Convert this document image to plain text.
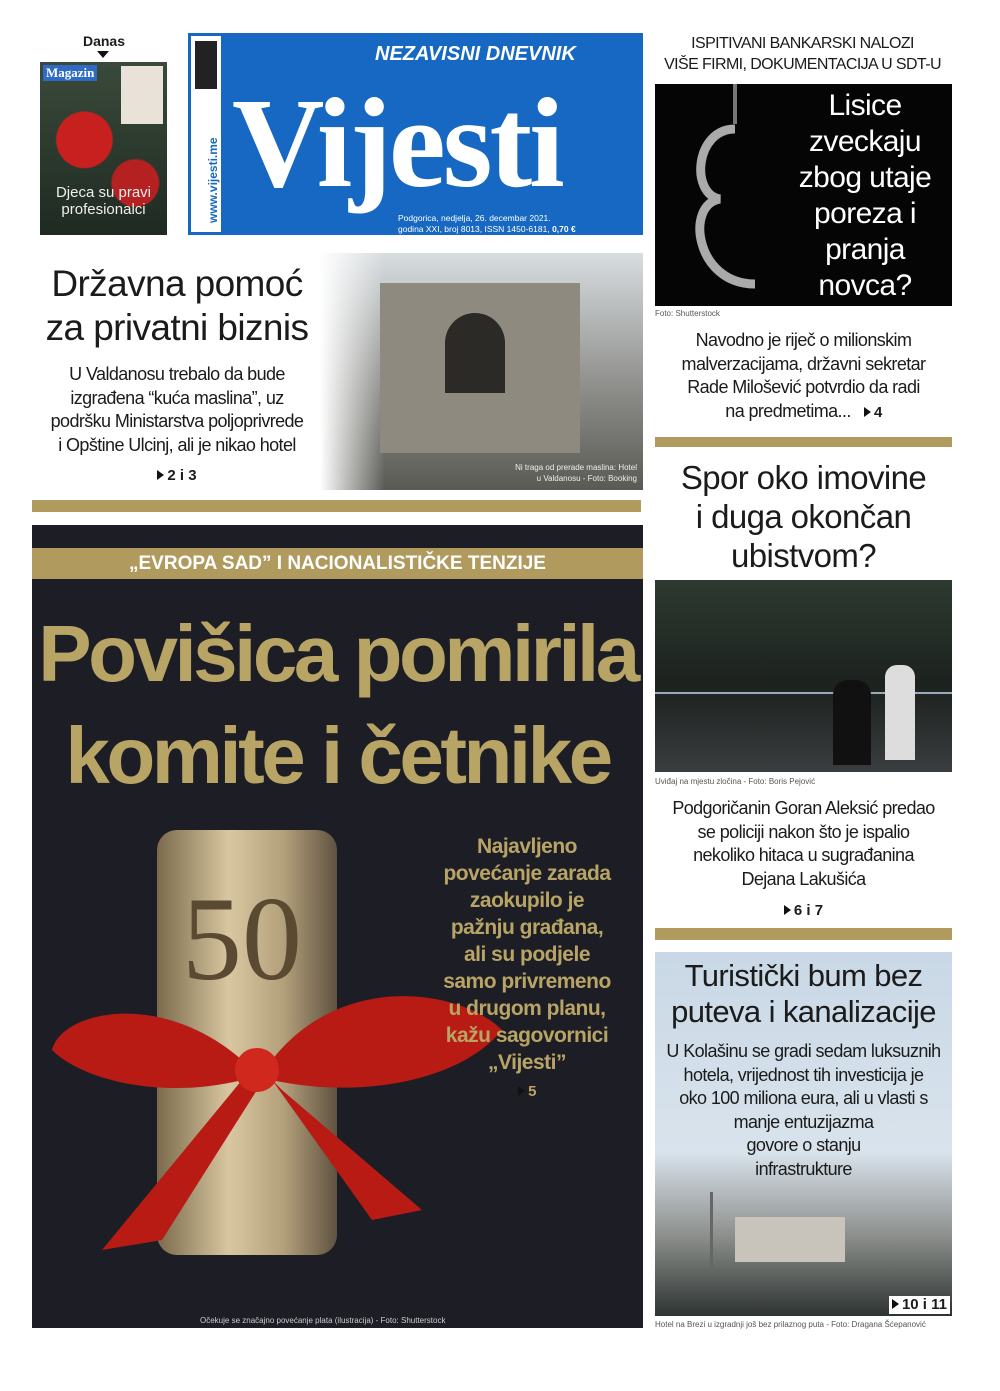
Danas
Magazin
Djeca su pravi profesionalci	www.vijesti.me
NEZAVISNI DNEVNIK
Vijesti
Podgorica, nedjelja, 26. decembar 2021.
godina XXI, broj 8013, ISSN 1450-6181, 0,70 €
ISPITIVANI BANKARSKI NALOZI
VIŠE FIRMI, DOKUMENTACIJA U SDT-U
Lisice
zveckaju
zbog utaje
poreza i
pranja
novca?
Foto: Shutterstock
Navodno je riječ o milionskim
malverzacijama, državni sekretar
Rade Milošević potvrdio da radi
na predmetima... 4
Ni traga od prerade maslina: Hotel
u Valdanosu - Foto: Booking
Državna pomoć
za privatni biznis
U Valdanosu trebalo da bude
izgrađena “kuća maslina”, uz
podršku Ministarstva poljoprivrede
i Opštine Ulcinj, ali je nikao hotel
2 i 3
„EVROPA SAD” I NACIONALISTIČKE TENZIJE
Povišica pomirila
komite i četnike
50
Najavljeno
povećanje zarada
zaokupilo je
pažnju građana,
ali su podjele
samo privremeno
u drugom planu,
kažu sagovornici
„Vijesti”
5
Očekuje se značajno povećanje plata (ilustracija) - Foto: Shutterstock
Spor oko imovine
i duga okončan
ubistvom?
Uviđaj na mjestu zločina - Foto: Boris Pejović
Podgoričanin Goran Aleksić predao
se policiji nakon što je ispalio
nekoliko hitaca u sugrađanina
Dejana Lakušića
6 i 7
Turistički bum bez
puteva i kanalizacije
U Kolašinu se gradi sedam luksuznih
hotela, vrijednost tih investicija je
oko 100 miliona eura, ali u vlasti s
manje entuzijazma
govore o stanju
infrastrukture
10 i 11
Hotel na Brezi u izgradnji još bez prilaznog puta - Foto: Dragana Šćepanović
